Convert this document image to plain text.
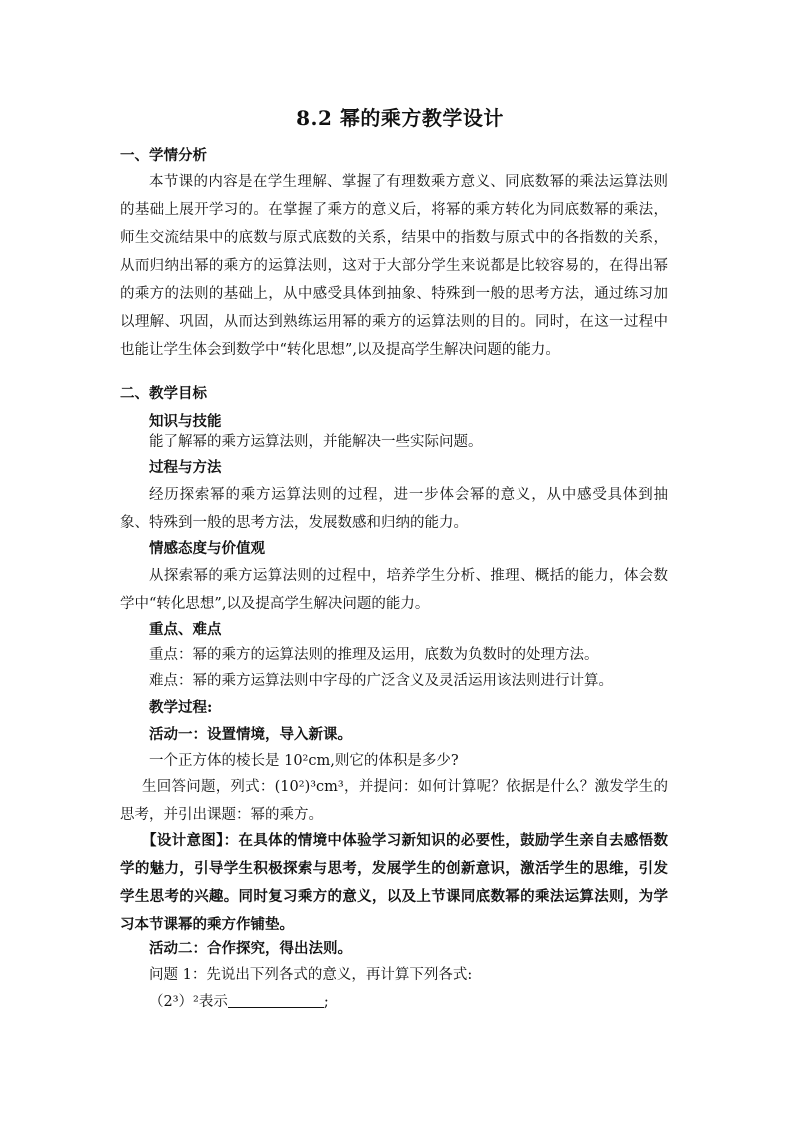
8.2 幂的乘方教学设计
一、学情分析
本节课的内容是在学生理解、掌握了有理数乘方意义、同底数幂的乘法运算法则的基础上展开学习的。在掌握了乘方的意义后，将幂的乘方转化为同底数幂的乘法，师生交流结果中的底数与原式底数的关系，结果中的指数与原式中的各指数的关系，从而归纳出幂的乘方的运算法则，这对于大部分学生来说都是比较容易的，在得出幂的乘方的法则的基础上，从中感受具体到抽象、特殊到一般的思考方法，通过练习加以理解、巩固，从而达到熟练运用幂的乘方的运算法则的目的。同时，在这一过程中也能让学生体会到数学中“转化思想”,以及提高学生解决问题的能力。
二、教学目标
知识与技能
能了解幂的乘方运算法则，并能解决一些实际问题。
过程与方法
经历探索幂的乘方运算法则的过程，进一步体会幂的意义，从中感受具体到抽象、特殊到一般的思考方法，发展数感和归纳的能力。
情感态度与价值观
从探索幂的乘方运算法则的过程中，培养学生分析、推理、概括的能力，体会数学中“转化思想”,以及提高学生解决问题的能力。
重点、难点
重点：幂的乘方的运算法则的推理及运用，底数为负数时的处理方法。
难点：幂的乘方运算法则中字母的广泛含义及灵活运用该法则进行计算。
教学过程:
活动一：设置情境，导入新课。
一个正方体的棱长是 10²cm,则它的体积是多少?
生回答问题，列式：(10²)³cm³，并提问：如何计算呢？依据是什么？激发学生的思考，并引出课题：幂的乘方。
【设计意图】：在具体的情境中体验学习新知识的必要性，鼓励学生亲自去感悟数学的魅力，引导学生积极探索与思考，发展学生的创新意识，激活学生的思维，引发学生思考的兴趣。同时复习乘方的意义，以及上节课同底数幂的乘法运算法则，为学习本节课幂的乘方作铺垫。
活动二：合作探究，得出法则。
问题 1：先说出下列各式的意义，再计算下列各式:
（2³）²表示	;
